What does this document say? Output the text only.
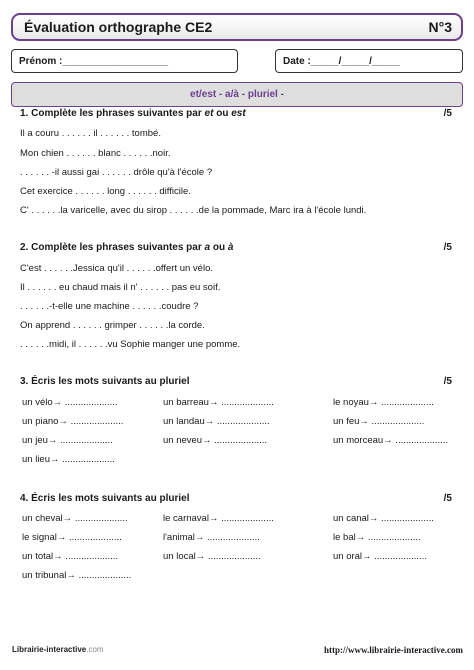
Évaluation orthographe CE2	N°3
Prénom :___________________	Date :_____/_____/_____
et/est - a/à - pluriel -
1. Complète les phrases suivantes par et ou est	/5
Il a couru . . . . . . il . . . . . . tombé.
Mon chien . . . . . . blanc . . . . . .noir.
. . . . . . -il aussi gai . . . . . . drôle qu'à l'école ?
Cet exercice . . . . . . long . . . . . . difficile.
C' . . . . . .la varicelle, avec du sirop . . . . . .de la pommade, Marc ira à l'école lundi.
2. Complète les phrases suivantes par a ou à	/5
C'est . . . . . .Jessica qu'il . . . . . .offert un vélo.
Il . . . . . . eu chaud mais il n' . . . . . . pas eu soif.
. . . . . .-t-elle une machine . . . . . .coudre ?
On apprend . . . . . . grimper . . . . . .la corde.
. . . . . .midi, il . . . . . .vu Sophie manger une pomme.
3. Écris les mots suivants au pluriel	/5
un vélo→ ....................	un barreau→ ....................	le noyau→ ....................
un piano→ ....................	un landau→ ....................	un feu→ ....................
un jeu→ ....................	un neveu→ ....................	un morceau→ ....................
un lieu→ ....................
4. Écris les mots suivants au pluriel	/5
un cheval→ ....................	le carnaval→ ....................	un canal→ ....................
le signal→ ....................	l'animal→ ....................	le bal→ ....................
un total→ ....................	un local→ ....................	un oral→ ....................
un tribunal→ ....................
Librairie-interactive.com	http://www.librairie-interactive.com
